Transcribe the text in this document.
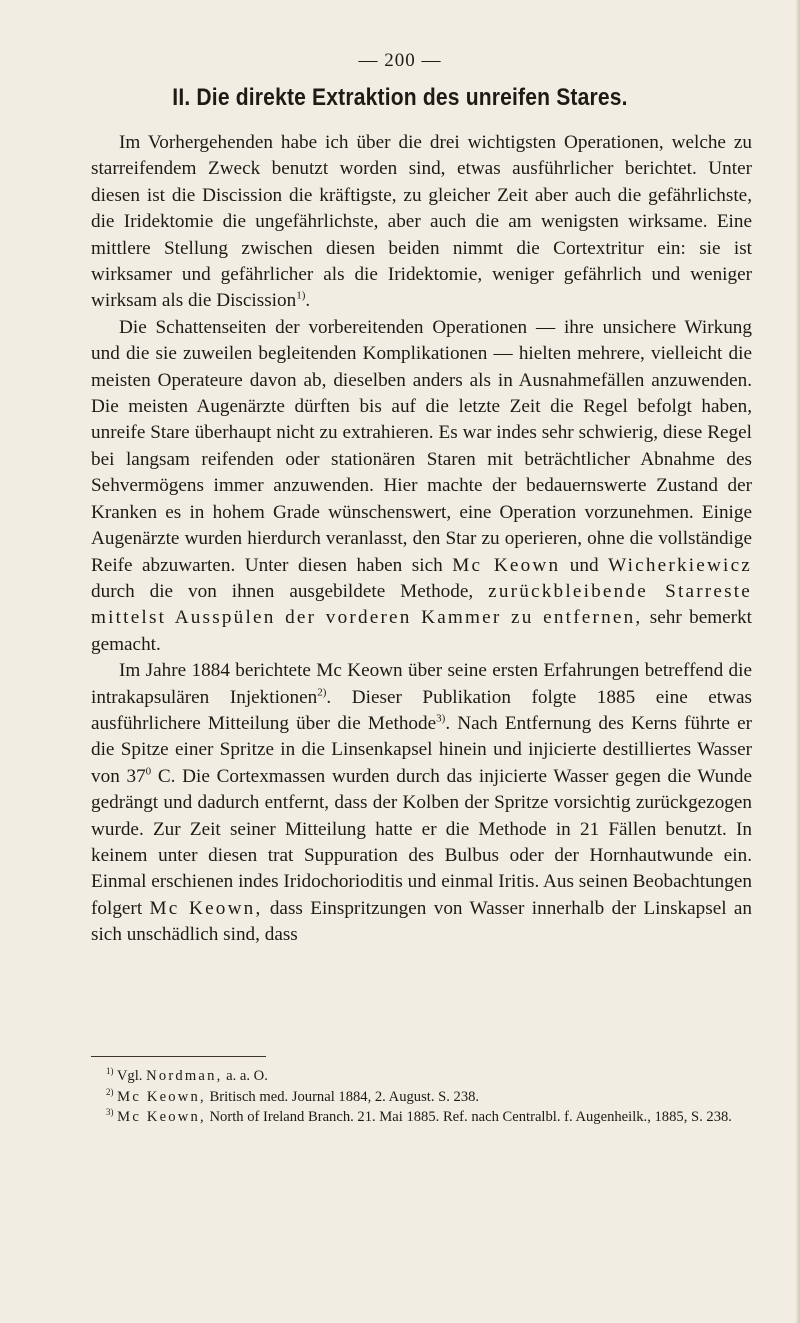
— 200 —
II. Die direkte Extraktion des unreifen Stares.

Im Vorhergehenden habe ich über die drei wichtigsten Operationen, welche zu starreifendem Zweck benutzt worden sind, etwas ausführlicher berichtet. Unter diesen ist die Discission die kräftigste, zu gleicher Zeit aber auch die gefährlichste, die Iridektomie die ungefährlichste, aber auch die am wenigsten wirksame. Eine mittlere Stellung zwischen diesen beiden nimmt die Cortextritur ein: sie ist wirksamer und gefährlicher als die Iridektomie, weniger gefährlich und weniger wirksam als die Discission$^{1)}$.

Die Schattenseiten der vorbereitenden Operationen — ihre unsichere Wirkung und die sie zuweilen begleitenden Komplikationen — hielten mehrere, vielleicht die meisten Operateure davon ab, dieselben anders als in Ausnahmefällen anzuwenden. Die meisten Augenärzte dürften bis auf die letzte Zeit die Regel befolgt haben, unreife Stare überhaupt nicht zu extrahieren. Es war indes sehr schwierig, diese Regel bei langsam reifenden oder stationären Staren mit beträchtlicher Abnahme des Sehvermögens immer anzuwenden. Hier machte der bedauernswerte Zustand der Kranken es in hohem Grade wünschenswert, eine Operation vorzunehmen. Einige Augenärzte wurden hierdurch veranlasst, den Star zu operieren, ohne die vollständige Reife abzuwarten. Unter diesen haben sich Mc Keown und Wicherkiewicz durch die von ihnen ausgebildete Methode, zurückbleibende Starreste mittelst Ausspülen der vorderen Kammer zu entfernen, sehr bemerkt gemacht.

Im Jahre 1884 berichtete Mc Keown über seine ersten Erfahrungen betreffend die intrakapsulären Injektionen$^{2)}$. Dieser Publikation folgte 1885 eine etwas ausführlichere Mitteilung über die Methode$^{3)}$. Nach Entfernung des Kerns führte er die Spitze einer Spritze in die Linsenkapsel hinein und injicierte destilliertes Wasser von $37^0$ C. Die Cortexmassen wurden durch das injicierte Wasser gegen die Wunde gedrängt und dadurch entfernt, dass der Kolben der Spritze vorsichtig zurückgezogen wurde. Zur Zeit seiner Mitteilung hatte er die Methode in 21 Fällen benutzt. In keinem unter diesen trat Suppuration des Bulbus oder der Hornhautwunde ein. Einmal erschienen indes Iridochorioditis und einmal Iritis. Aus seinen Beobachtungen folgert Mc Keown, dass Einspritzungen von Wasser innerhalb der Linskapsel an sich unschädlich sind, dass

$^{1)}$ Vgl. Nordman, a. a. O.

$^{2)}$ Mc Keown, Britisch med. Journal 1884, 2. August. S. 238.

$^{3)}$ Mc Keown, North of Ireland Branch. 21. Mai 1885. Ref. nach Centralbl. f. Augenheilk., 1885, S. 238.
